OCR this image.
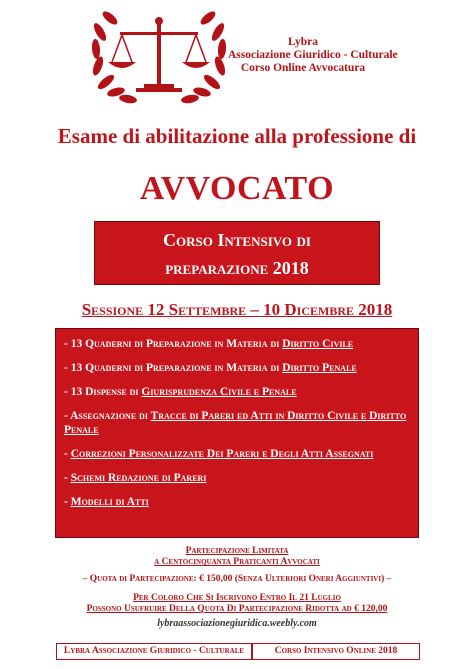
Lybra
Associazione Giuridico - Culturale
Corso Online Avvocatura
Esame di abilitazione alla professione di
AVVOCATO
Corso Intensivo di
preparazione 2018
Sessione 12 Settembre – 10 Dicembre 2018

- 13 Quaderni di Preparazione in Materia di Diritto Civile

- 13 Quaderni di Preparazione in Materia di Diritto Penale

- 13 Dispense di Giurisprudenza Civile e Penale

- Assegnazione di Tracce di Pareri ed Atti in Diritto Civile e Diritto Penale

- Correzioni Personalizzate Dei Pareri e Degli Atti Assegnati

- Schemi Redazione di Pareri

- Modelli di Atti

Partecipazione Limitata
a Centocinquanta Praticanti Avvocati
– Quota di Partecipazione: € 150,00 (Senza Ulteriori Oneri Aggiuntivi) –
Per Coloro Che Si Iscrivono Entro Il 21 Luglio
Possono Usufruire Della Quota Di Partecipazione Ridotta ad € 120,00
lybraassociazionegiuridica.weebly.com
Lybra Associazione Giuridico - Culturale	Corso Intensivo Online 2018
